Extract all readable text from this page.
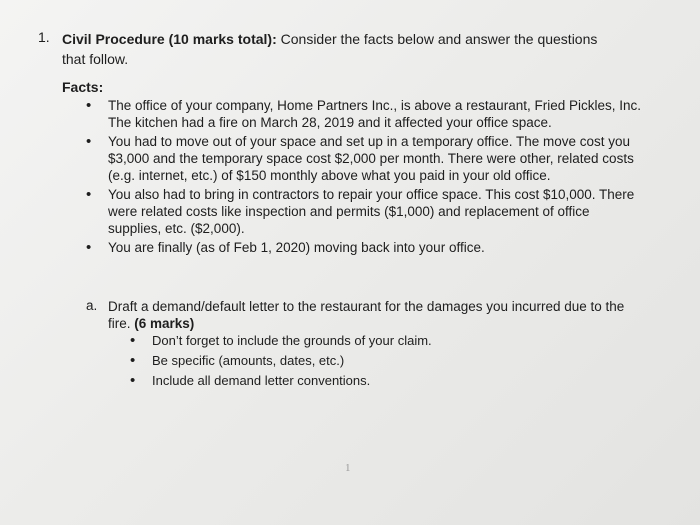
1. Civil Procedure (10 marks total): Consider the facts below and answer the questions that follow.
Facts:
• The office of your company, Home Partners Inc., is above a restaurant, Fried Pickles, Inc. The kitchen had a fire on March 28, 2019 and it affected your office space.
• You had to move out of your space and set up in a temporary office. The move cost you $3,000 and the temporary space cost $2,000 per month. There were other, related costs (e.g. internet, etc.) of $150 monthly above what you paid in your old office.
• You also had to bring in contractors to repair your office space. This cost $10,000. There were related costs like inspection and permits ($1,000) and replacement of office supplies, etc. ($2,000).
• You are finally (as of Feb 1, 2020) moving back into your office.
a. Draft a demand/default letter to the restaurant for the damages you incurred due to the fire. (6 marks)
• Don’t forget to include the grounds of your claim.
• Be specific (amounts, dates, etc.)
• Include all demand letter conventions.
1
